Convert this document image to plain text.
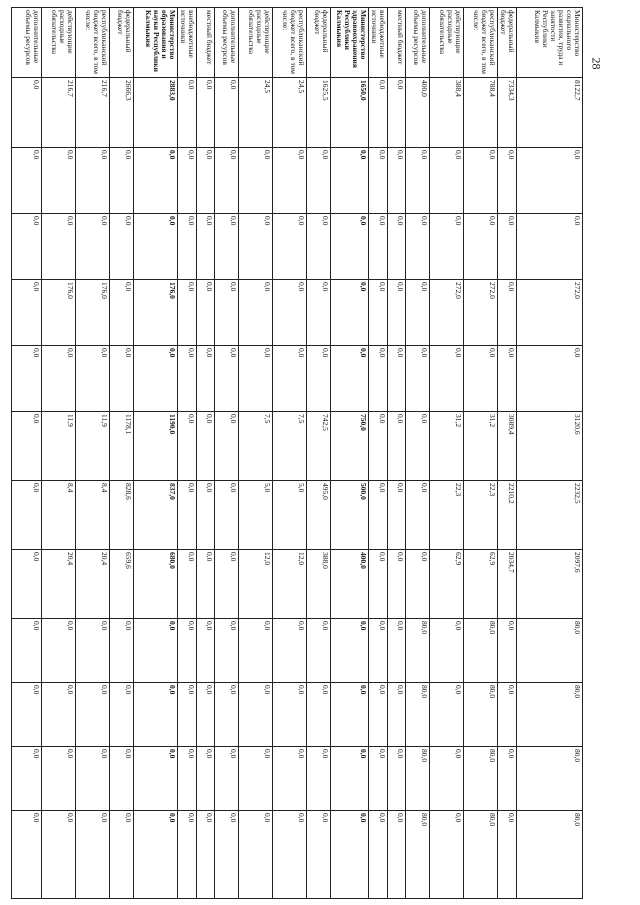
28
Министерство социального развития, труда и занятости Республики Калмыкия	8122,7	0,0	0,0	272,0	0,0	3120,6	2232,5	2097,6	80,0	80,0	80,0	80,0
федеральный бюджет	7334,3	0,0	0,0	0,0	0,0	3089,4	2210,2	2034,7	0,0	0,0	0,0	0,0
республиканский бюджет всего, в том числе:	788,4	0,0	0,0	272,0	0,0	31,2	22,3	62,9	80,0	80,0	80,0	80,0
действующие расходные обязательства	388,4	0,0	0,0	272,0	0,0	31,2	22,3	62,9	0,0	0,0	0,0	0,0
дополнительные объемы ресурсов	400,0	0,0	0,0	0,0	0,0	0,0	0,0	0,0	80,0	80,0	80,0	80,0
местный бюджет	0,0	0,0	0,0	0,0	0,0	0,0	0,0	0,0	0,0	0,0	0,0	0,0
внебюджетные источники	0,0	0,0	0,0	0,0	0,0	0,0	0,0	0,0	0,0	0,0	0,0	0,0
Министерство здравоохранения Республики Калмыкия	1650,0	0,0	0,0	0,0	0,0	750,0	500,0	400,0	0,0	0,0	0,0	0,0
федеральный бюджет	1625,5	0,0	0,0	0,0	0,0	742,5	495,0	388,0	0,0	0,0	0,0	0,0
республиканский бюджет всего, в том числе:	24,5	0,0	0,0	0,0	0,0	7,5	5,0	12,0	0,0	0,0	0,0	0,0
действующие расходные обязательства	24,5	0,0	0,0	0,0	0,0	7,5	5,0	12,0	0,0	0,0	0,0	0,0
дополнительные объемы ресурсов	0,0	0,0	0,0	0,0	0,0	0,0	0,0	0,0	0,0	0,0	0,0	0,0
местный бюджет	0,0	0,0	0,0	0,0	0,0	0,0	0,0	0,0	0,0	0,0	0,0	0,0
внебюджетные источники	0,0	0,0	0,0	0,0	0,0	0,0	0,0	0,0	0,0	0,0	0,0	0,0
Министерство образования и науки Республики Калмыкия	2883,0	0,0	0,0	176,0	0,0	1190,0	837,0	680,0	0,0	0,0	0,0	0,0
федеральный бюджет	2666,3	0,0	0,0	0,0	0,0	1178,1	828,6	659,6	0,0	0,0	0,0	0,0
республиканский бюджет всего, в том числе:	216,7	0,0	0,0	176,0	0,0	11,9	8,4	20,4	0,0	0,0	0,0	0,0
действующие расходные обязательства	216,7	0,0	0,0	176,0	0,0	11,9	8,4	20,4	0,0	0,0	0,0	0,0
дополнительные объемы ресурсов	0,0	0,0	0,0	0,0	0,0	0,0	0,0	0,0	0,0	0,0	0,0	0,0
